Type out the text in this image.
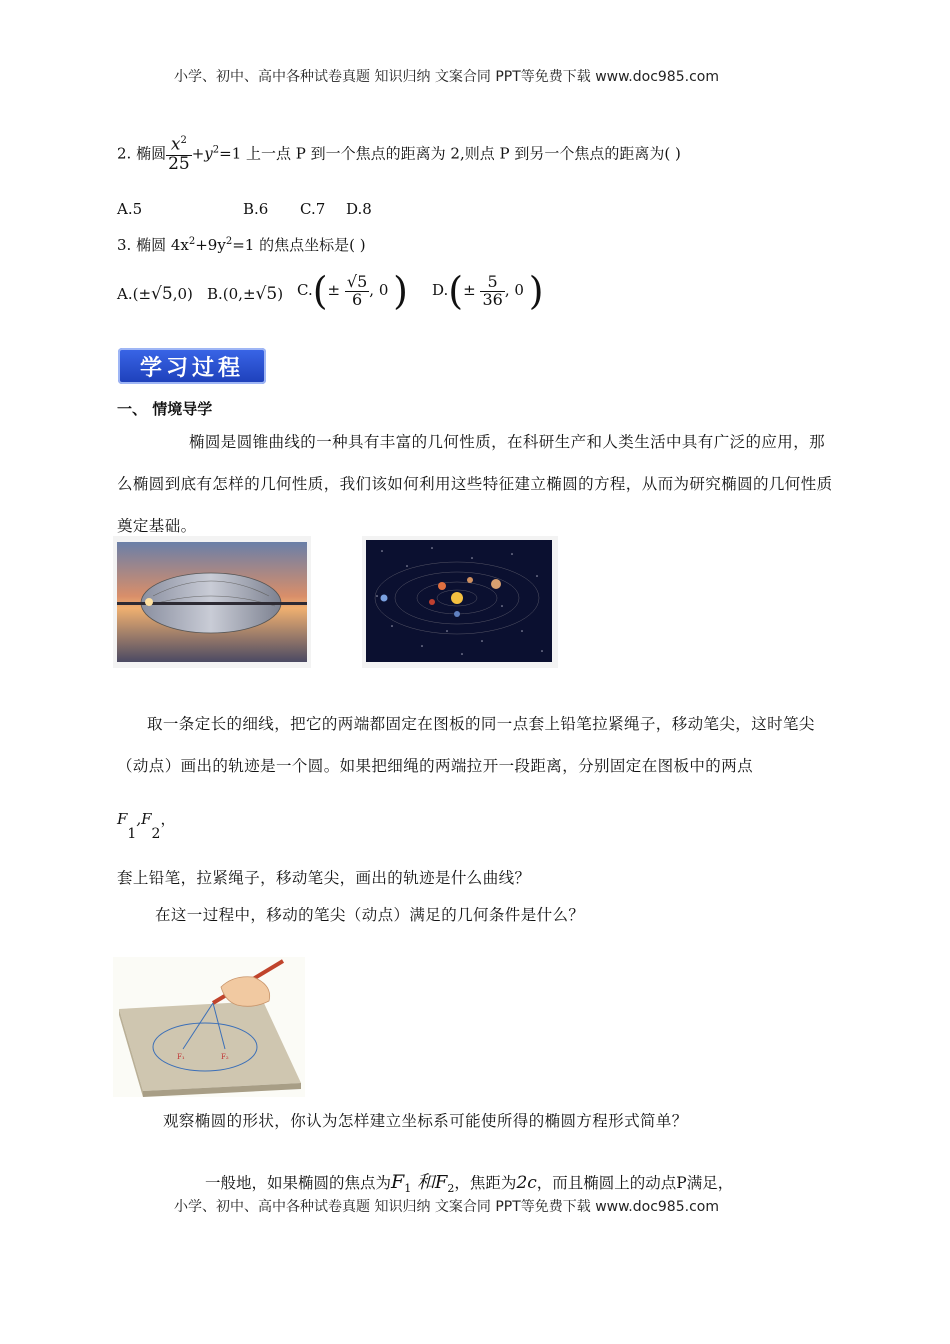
小学、初中、高中各种试卷真题 知识归纳 文案合同 PPT等免费下载 www.doc985.com
2. 椭圆 $\frac{x^2}{25} +y^2=1$ 上一点 P 到一个焦点的距离为 2,则点 P 到另一个焦点的距离为( )
A.5	B.6 C.7 D.8
3. 椭圆 $4x^2+9y^2=1$ 的焦点坐标是( )
A.(±√5,0) B.(0,±√5) $C.(\pm \frac{√5}{6}$ , 0 ) $D.(\pm \frac{5}{36}$ , 0 )
学习过程
一、 情境导学
椭圆是圆锥曲线的一种具有丰富的几何性质，在科研生产和人类生活中具有广泛的应用，那么椭圆到底有怎样的几何性质，我们该如何利用这些特征建立椭圆的方程，从而为研究椭圆的几何性质奠定基础。
取一条定长的细线，把它的两端都固定在图板的同一点套上铅笔拉紧绳子，移动笔尖，这时笔尖（动点）画出的轨迹是一个圆。如果把细绳的两端拉开一段距离，分别固定在图板中的两点
F1,F2，
套上铅笔，拉紧绳子，移动笔尖，画出的轨迹是什么曲线？
在这一过程中，移动的笔尖（动点）满足的几何条件是什么？
F₁	F₂
观察椭圆的形状，你认为怎样建立坐标系可能使所得的椭圆方程形式简单？
一般地，如果椭圆的焦点为$F_1$ 和$F_2$，焦距为2c，而且椭圆上的动点P满足，
小学、初中、高中各种试卷真题 知识归纳 文案合同 PPT等免费下载 www.doc985.com
